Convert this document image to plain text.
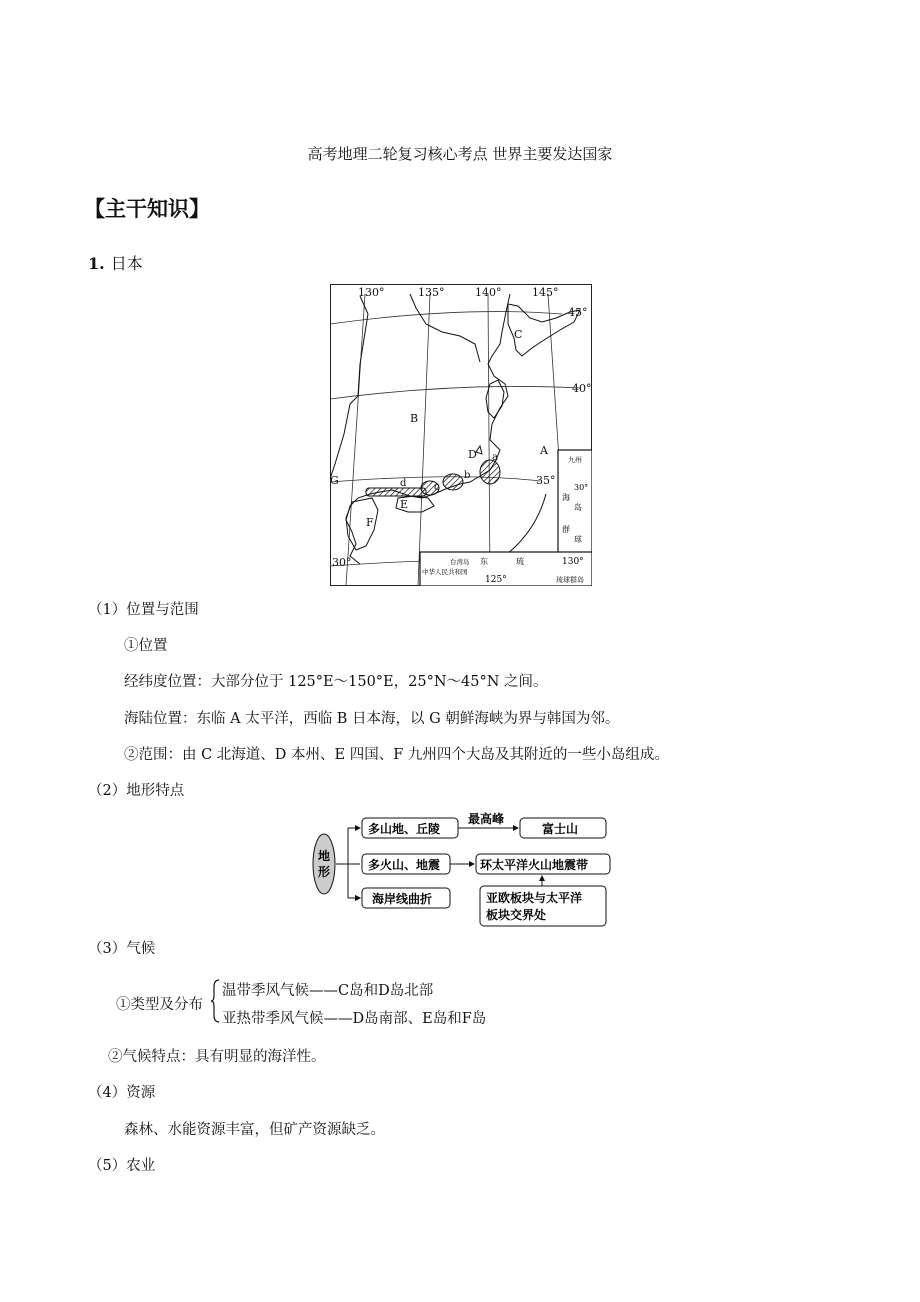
高考地理二轮复习核心考点 世界主要发达国家
【主干知识】
1. 日本
九州
海
岛
群
球
30°
130°
台湾岛
中华人民共和国
东	琉
125°	琉球群岛
130°	135°	140°	145°
45°
40°
35°
30°
A
B
C
D
E
F
G
a
b
c
d
（1）位置与范围
①位置
经纬度位置：大部分位于 125°E～150°E，25°N～45°N 之间。
海陆位置：东临 A 太平洋，西临 B 日本海，以 G 朝鲜海峡为界与韩国为邻。
②范围：由 C 北海道、D 本州、E 四国、F 九州四个大岛及其附近的一些小岛组成。
（2）地形特点
地
形
多山地、丘陵
最高峰
富士山
多火山、地震	环太平洋火山地震带
海岸线曲折	亚欧板块与太平洋
板块交界处
（3）气候
①类型及分布
温带季风气候——C岛和D岛北部
亚热带季风气候——D岛南部、E岛和F岛
②气候特点：具有明显的海洋性。
（4）资源
森林、水能资源丰富，但矿产资源缺乏。
（5）农业
